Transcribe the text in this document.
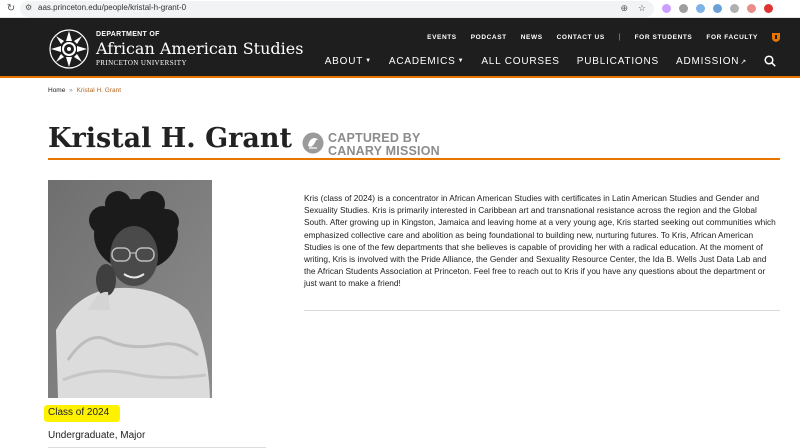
↻ ⚙ aas.princeton.edu/people/kristal-h-grant-0	⊕ ☆
DEPARTMENT OF
African American Studies
PRINCETON UNIVERSITY
EVENTS PODCAST NEWS CONTACT US | FOR STUDENTS FOR FACULTY
ABOUT ▼ ACADEMICS ▼ ALL COURSES PUBLICATIONS ADMISSION↗
Home » Kristal H. Grant
Kristal H. Grant	CAPTURED BY
CANARY MISSION
Class of 2024
Undergraduate, Major

Kris (class of 2024) is a concentrator in African American Studies with certificates in Latin American Studies and Gender and Sexuality Studies. Kris is primarily interested in Caribbean art and transnational resistance across the region and the Global South. After growing up in Kingston, Jamaica and leaving home at a very young age, Kris started seeking out communities which emphasized collective care and abolition as being foundational to building new, nurturing futures. To Kris, African American Studies is one of the few departments that she believes is capable of providing her with a radical education. At the moment of writing, Kris is involved with the Pride Alliance, the Gender and Sexuality Resource Center, the Ida B. Wells Just Data Lab and the African Students Association at Princeton. Feel free to reach out to Kris if you have any questions about the department or just want to make a friend!
